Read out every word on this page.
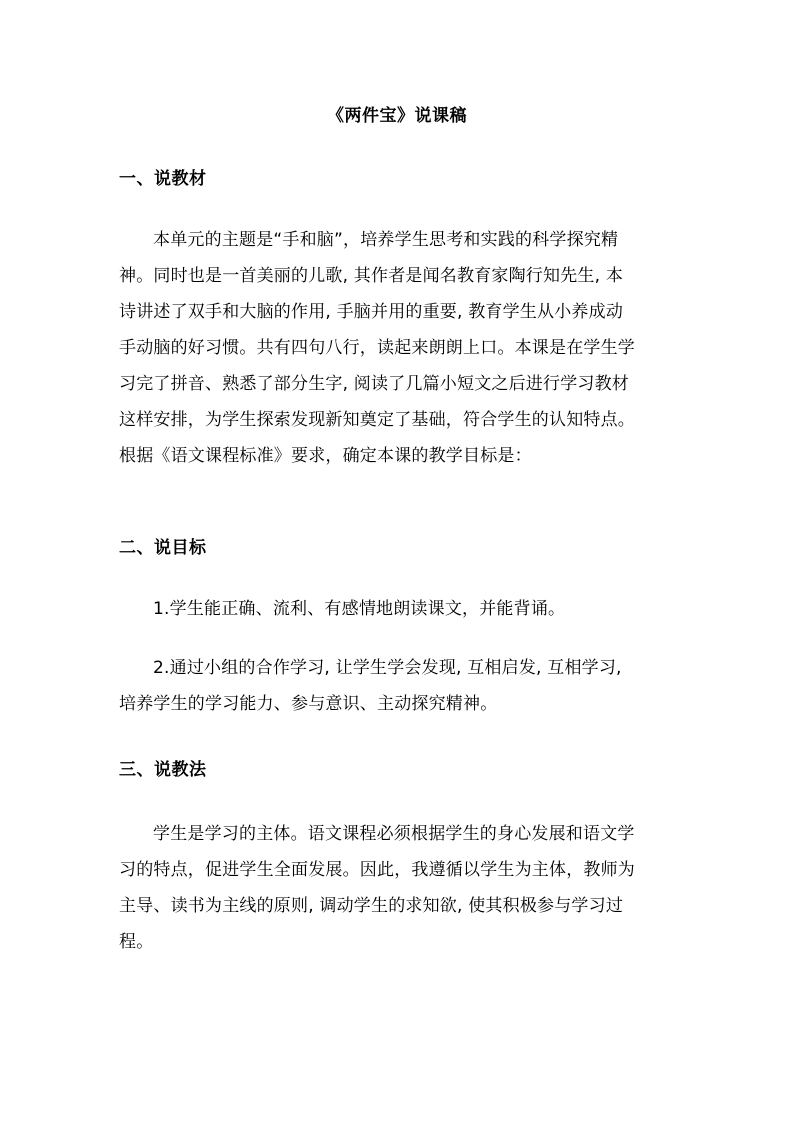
《两件宝》说课稿
一、说教材
本单元的主题是“手和脑”，培养学生思考和实践的科学探究精
神。同时也是一首美丽的儿歌, 其作者是闻名教育家陶行知先生, 本
诗讲述了双手和大脑的作用, 手脑并用的重要, 教育学生从小养成动
手动脑的好习惯。共有四句八行，读起来朗朗上口。本课是在学生学
习完了拼音、熟悉了部分生字, 阅读了几篇小短文之后进行学习教材
这样安排，为学生探索发现新知奠定了基础，符合学生的认知特点。
根据《语文课程标准》要求，确定本课的教学目标是：
二、说目标
1.学生能正确、流利、有感情地朗读课文，并能背诵。
2.通过小组的合作学习, 让学生学会发现, 互相启发, 互相学习,
培养学生的学习能力、参与意识、主动探究精神。
三、说教法
学生是学习的主体。语文课程必须根据学生的身心发展和语文学
习的特点，促进学生全面发展。因此，我遵循以学生为主体，教师为
主导、读书为主线的原则, 调动学生的求知欲, 使其积极参与学习过
程。
